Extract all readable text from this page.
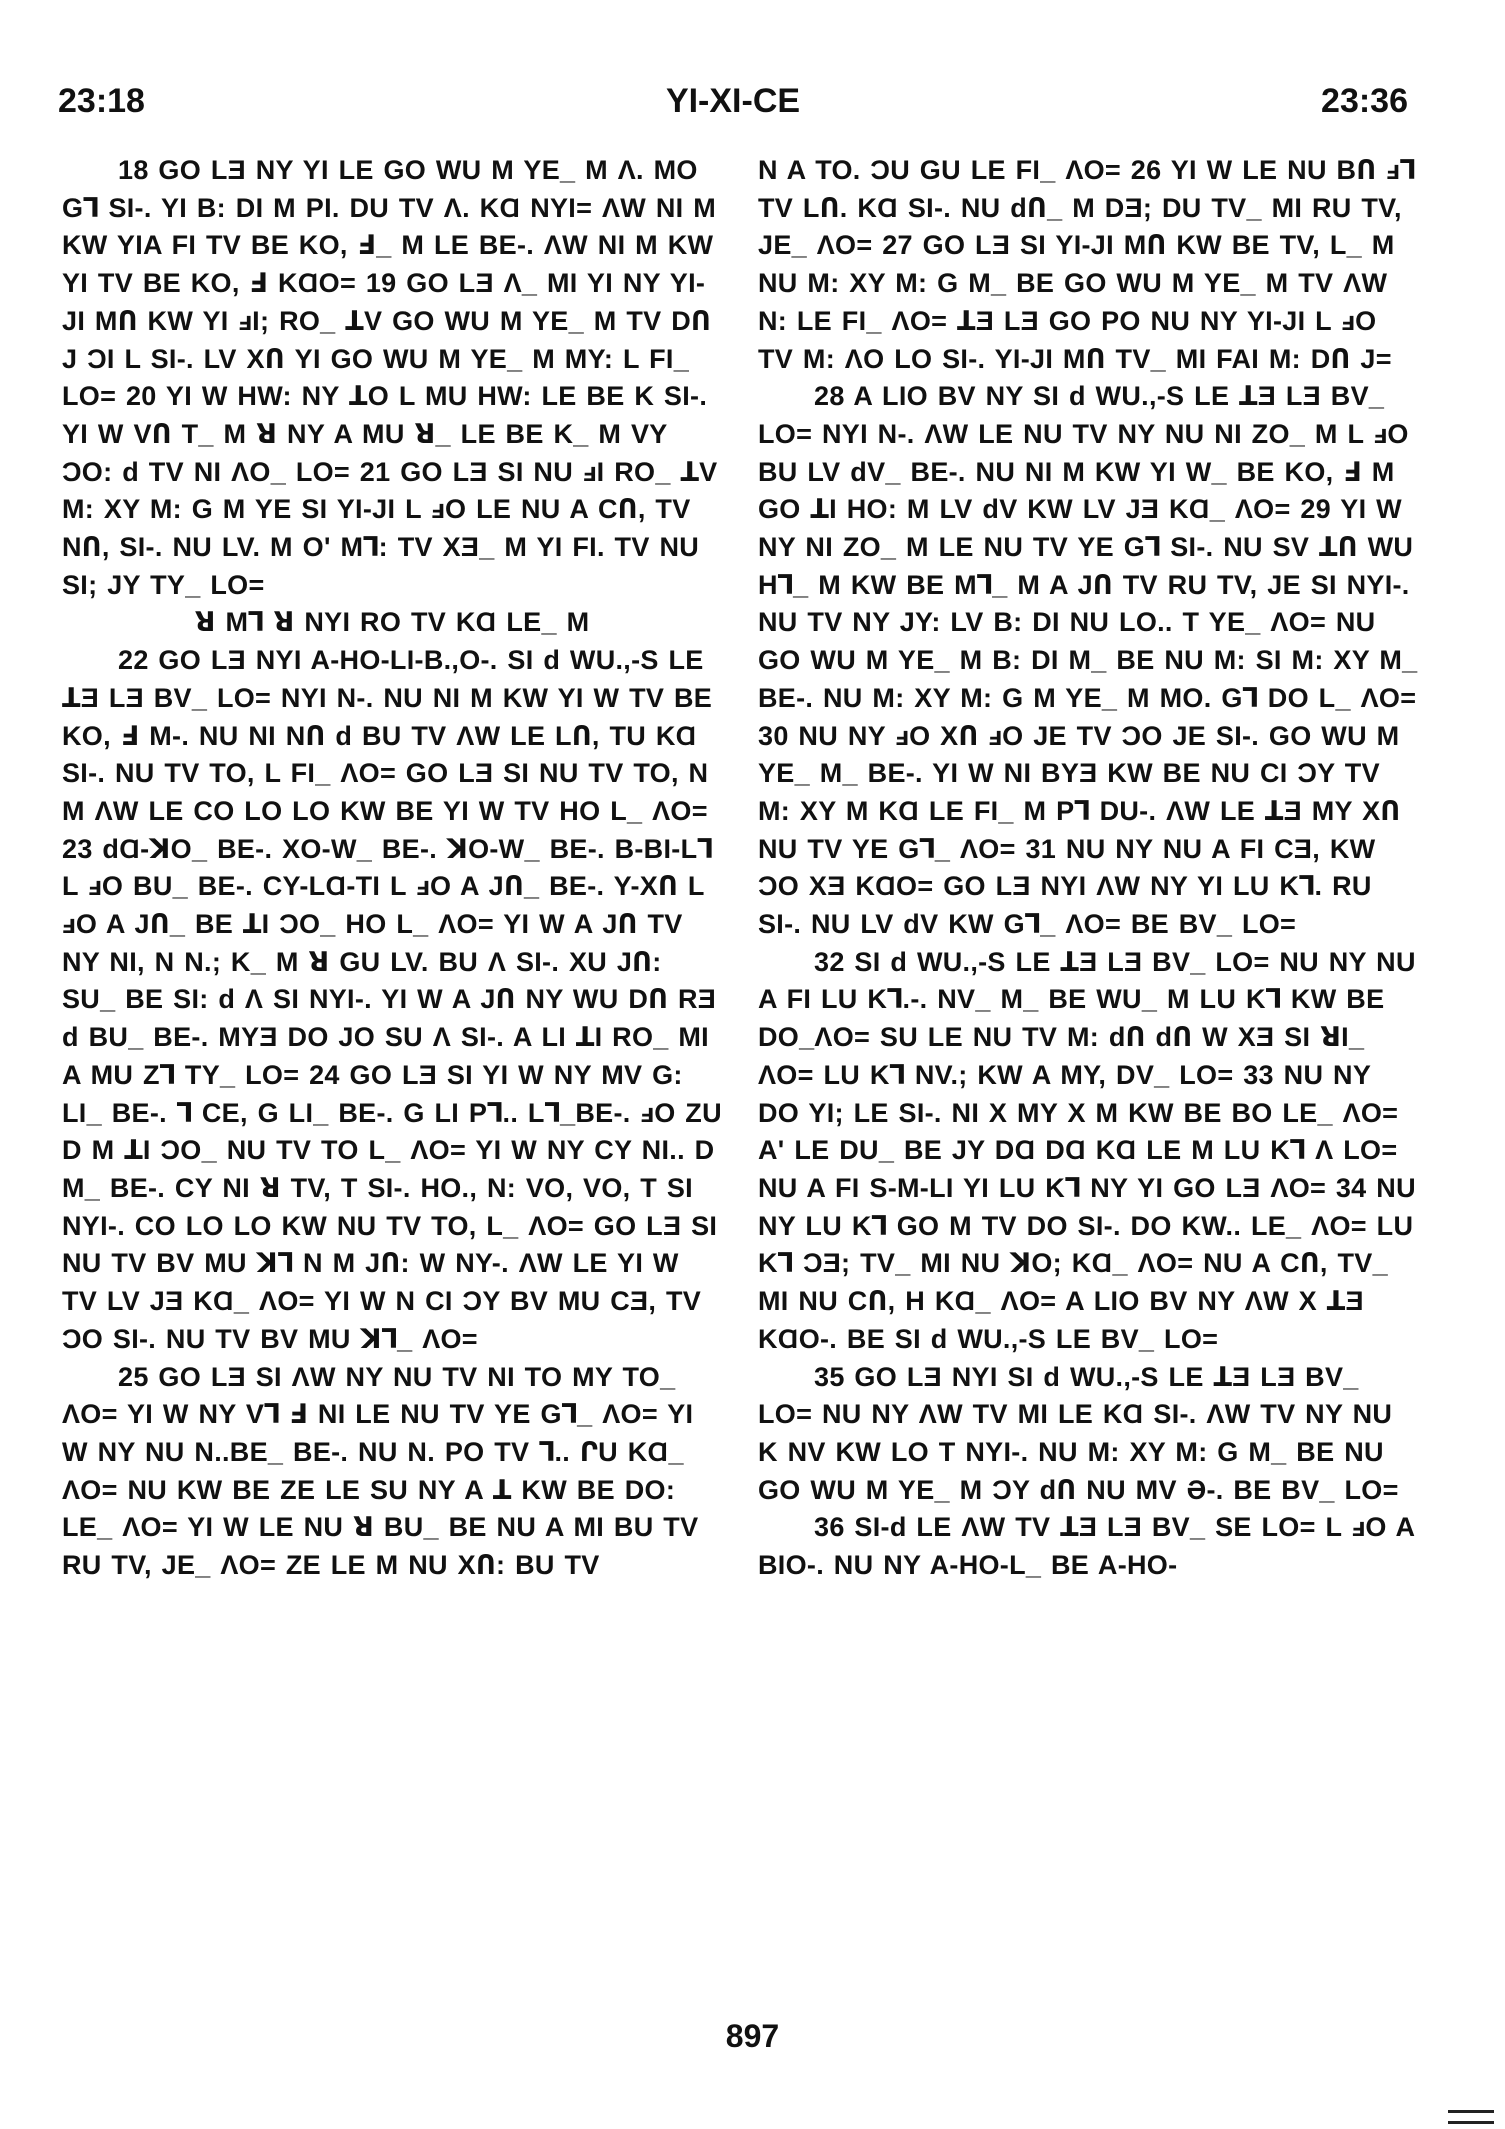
23:18	YI-XI-CE	23:36

18 GO LƎ NY YI LE GO WU M YE_ M Λ. MO Gꓶ SI-. YI B: DI M PI. DU TV Λ. KⱭ NYI= ΛW NI M KW YIA FI TV BE KO, Ⅎ_ M LE BE-. ΛW NI M KW YI TV BE KO, Ⅎ KⱭO= 19 GO LƎ Λ_ MI YI NY YI-JI MՈ KW YI ⅎI; RO_ ꓕV GO WU M YE_ M TV DՈ J ƆI L SI-. LV XՈ YI GO WU M YE_ M MY: L FI_ LO= 20 YI W HW: NY ꓕO L MU HW: LE BE K SI-. YI W VՈ T_ M ꓤ NY A MU ꓤ_ LE BE K_ M VY ƆO: ԁ TV NI ΛO_ LO= 21 GO LƎ SI NU ⅎI RO_ ꓕV M: XY M: G M YE SI YI-JI L ⅎO LE NU A CՈ, TV NՈ, SI-. NU LV. M O' Mꓶ: TV XƎ_ M YI FI. TV NU SI; JY TY_ LO=

ꓤ Mꓶ ꓤ NYI RO TV KⱭ LE_ M

22 GO LƎ NYI A-HO-LI-B.,O-. SI ԁ WU.,-S LE ꓕƎ LƎ BV_ LO= NYI N-. NU NI M KW YI W TV BE KO, Ⅎ M-. NU NI NՈ ԁ BU TV ΛW LE LՈ, TU KⱭ SI-. NU TV TO, L FI_ ΛO= GO LƎ SI NU TV TO, N M ΛW LE CO LO LO KW BE YI W TV HO L_ ΛO= 23 ԁⱭ-ꓘO_ BE-. XO-W_ BE-. ꓘO-W_ BE-. B-BI-Lꓶ L ⅎO BU_ BE-. CY-LⱭ-TI L ⅎO A JՈ_ BE-. Y-XՈ L ⅎO A JՈ_ BE ꓕI ƆO_ HO L_ ΛO= YI W A JՈ TV NY NI, N N.; K_ M ꓤ GU LV. BU Λ SI-. XU JՈ: SU_ BE SI: ԁ Λ SI NYI-. YI W A JՈ NY WU DՈ RƎ ԁ BU_ BE-. MYƎ DO JO SU Λ SI-. A LI ꓕI RO_ MI A MU Zꓶ TY_ LO= 24 GO LƎ SI YI W NY MV G: LI_ BE-. ꓶ CE, G LI_ BE-. G LI Pꓶ.. Lꓶ_BE-. ⅎO ZU D M ꓕI ƆO_ NU TV TO L_ ΛO= YI W NY CY NI.. D M_ BE-. CY NI ꓤ TV, T SI-. HO., N: VO, VO, T SI NYI-. CO LO LO KW NU TV TO, L_ ΛO= GO LƎ SI NU TV BV MU ꓘꓶ N M JՈ: W NY-. ΛW LE YI W TV LV JƎ KⱭ_ ΛO= YI W N CI ƆY BV MU CƎ, TV ƆO SI-. NU TV BV MU ꓘꓶ_ ΛO=

25 GO LƎ SI ΛW NY NU TV NI TO MY TO_ ΛO= YI W NY Vꓶ Ⅎ NI LE NU TV YE Gꓶ_ ΛO= YI W NY NU N..BE_ BE-. NU N. PO TV ꓶ.. ՐU KⱭ_ ΛO= NU KW BE ZE LE SU NY A ꓕ KW BE DO: LE_ ΛO= YI W LE NU ꓤ BU_ BE NU A MI BU TV RU TV, JE_ ΛO= ZE LE M NU XՈ: BU TV

N A TO. ƆU GU LE FI_ ΛO= 26 YI W LE NU BՈ ⅎꓶ TV LՈ. KⱭ SI-. NU ԁՈ_ M DƎ; DU TV_ MI RU TV, JE_ ΛO= 27 GO LƎ SI YI-JI MՈ KW BE TV, L_ M NU M: XY M: G M_ BE GO WU M YE_ M TV ΛW N: LE FI_ ΛO= ꓕƎ LƎ GO PO NU NY YI-JI L ⅎO TV M: ΛO LO SI-. YI-JI MՈ TV_ MI FAI M: DՈ J=

28 A LIO BV NY SI ԁ WU.,-S LE ꓕƎ LƎ BV_ LO= NYI N-. ΛW LE NU TV NY NU NI ZO_ M L ⅎO BU LV ԁV_ BE-. NU NI M KW YI W_ BE KO, Ⅎ M GO ꓕI HO: M LV ԁV KW LV JƎ KⱭ_ ΛO= 29 YI W NY NI ZO_ M LE NU TV YE Gꓶ SI-. NU SV ꓕՈ WU Hꓶ_ M KW BE Mꓶ_ M A JՈ TV RU TV, JE SI NYI-. NU TV NY JY: LV B: DI NU LO.. T YE_ ΛO= NU GO WU M YE_ M B: DI M_ BE NU M: SI M: XY M_ BE-. NU M: XY M: G M YE_ M MO. Gꓶ DO L_ ΛO= 30 NU NY ⅎO XՈ ⅎO JE TV ƆO JE SI-. GO WU M YE_ M_ BE-. YI W NI BYƎ KW BE NU CI ƆY TV M: XY M KⱭ LE FI_ M Pꓶ DU-. ΛW LE ꓕƎ MY XՈ NU TV YE Gꓶ_ ΛO= 31 NU NY NU A FI CƎ, KW ƆO XƎ KⱭO= GO LƎ NYI ΛW NY YI LU Kꓶ. RU SI-. NU LV ԁV KW Gꓶ_ ΛO= BE BV_ LO=

32 SI ԁ WU.,-S LE ꓕƎ LƎ BV_ LO= NU NY NU A FI LU Kꓶ.-. NV_ M_ BE WU_ M LU Kꓶ KW BE DO_ΛO= SU LE NU TV M: ԁՈ ԁՈ W XƎ SI ꓤI_ ΛO= LU Kꓶ NV.; KW A MY, DV_ LO= 33 NU NY DO YI; LE SI-. NI X MY X M KW BE BO LE_ ΛO= A' LE DU_ BE JY DⱭ DⱭ KⱭ LE M LU Kꓶ Λ LO= NU A FI S-M-LI YI LU Kꓶ NY YI GO LƎ ΛO= 34 NU NY LU Kꓶ GO M TV DO SI-. DO KW.. LE_ ΛO= LU Kꓶ ƆƎ; TV_ MI NU ꓘO; KⱭ_ ΛO= NU A CՈ, TV_ MI NU CՈ, H KⱭ_ ΛO= A LIO BV NY ΛW X ꓕƎ KⱭO-. BE SI ԁ WU.,-S LE BV_ LO=

35 GO LƎ NYI SI ԁ WU.,-S LE ꓕƎ LƎ BV_ LO= NU NY ΛW TV MI LE KⱭ SI-. ΛW TV NY NU K NV KW LO T NYI-. NU M: XY M: G M_ BE NU GO WU M YE_ M ƆY ԁՈ NU MV Ә-. BE BV_ LO=

36 SI-ԁ LE ΛW TV ꓕƎ LƎ BV_ SE LO= L ⅎO A BIO-. NU NY A-HO-L_ BE A-HO-

897
